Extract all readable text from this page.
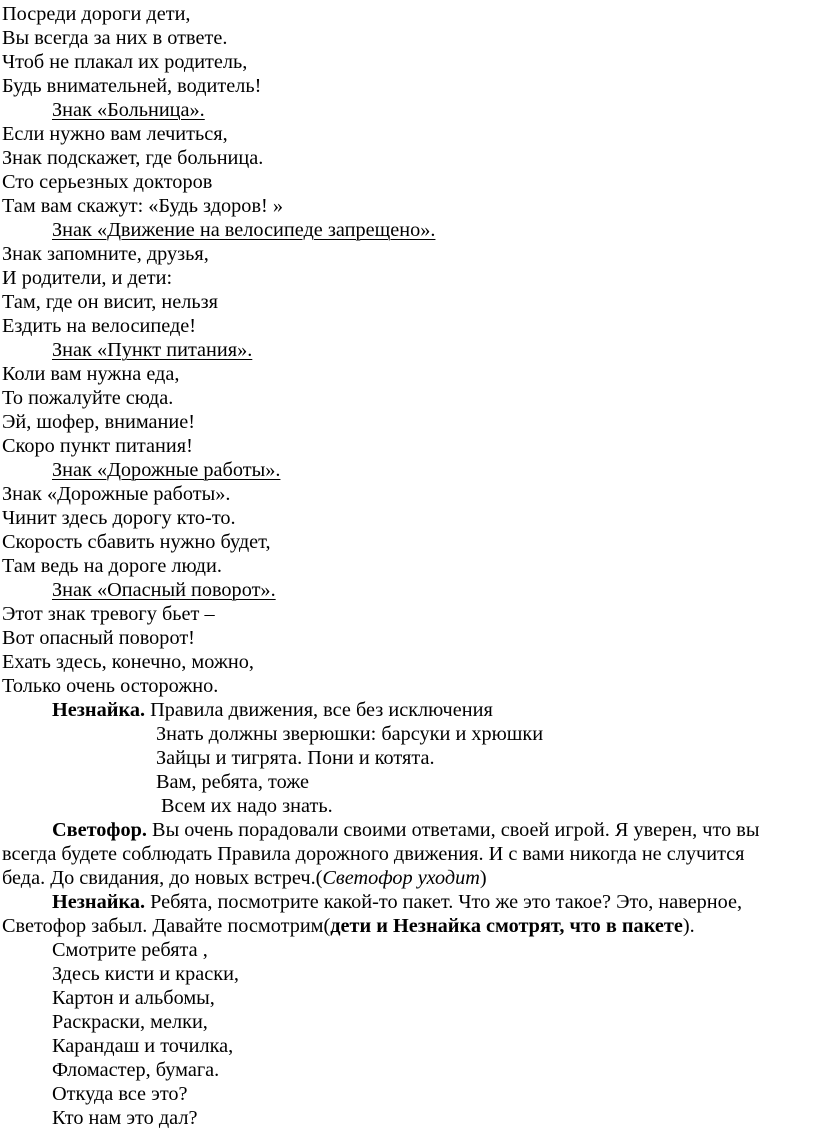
Посреди дороги дети,
Вы всегда за них в ответе.
Чтоб не плакал их родитель,
Будь внимательней, водитель!
Знак «Больница».
Если нужно вам лечиться,
Знак подскажет, где больница.
Сто серьезных докторов
Там вам скажут: «Будь здоров! »
Знак «Движение на велосипеде запрещено».
Знак запомните, друзья,
И родители, и дети:
Там, где он висит, нельзя
Ездить на велосипеде!
Знак «Пункт питания».
Коли вам нужна еда,
То пожалуйте сюда.
Эй, шофер, внимание!
Скоро пункт питания!
Знак «Дорожные работы».
Знак «Дорожные работы».
Чинит здесь дорогу кто-то.
Скорость сбавить нужно будет,
Там ведь на дороге люди.
Знак «Опасный поворот».
Этот знак тревогу бьет –
Вот опасный поворот!
Ехать здесь, конечно, можно,
Только очень осторожно.
Незнайка. Правила движения, все без исключения
Знать должны зверюшки: барсуки и хрюшки
Зайцы и тигрята. Пони и котята.
Вам, ребята, тоже
Всем их надо знать.
Светофор. Вы очень порадовали своими ответами, своей игрой. Я уверен, что вы
всегда будете соблюдать Правила дорожного движения. И с вами никогда не случится
беда. До свидания, до новых встреч.(Светофор уходит)
Незнайка. Ребята, посмотрите какой-то пакет. Что же это такое? Это, наверное,
Светофор забыл. Давайте посмотрим(дети и Незнайка смотрят, что в пакете).
Смотрите ребята ,
Здесь кисти и краски,
Картон и альбомы,
Раскраски, мелки,
Карандаш и точилка,
Фломастер, бумага.
Откуда все это?
Кто нам это дал?
